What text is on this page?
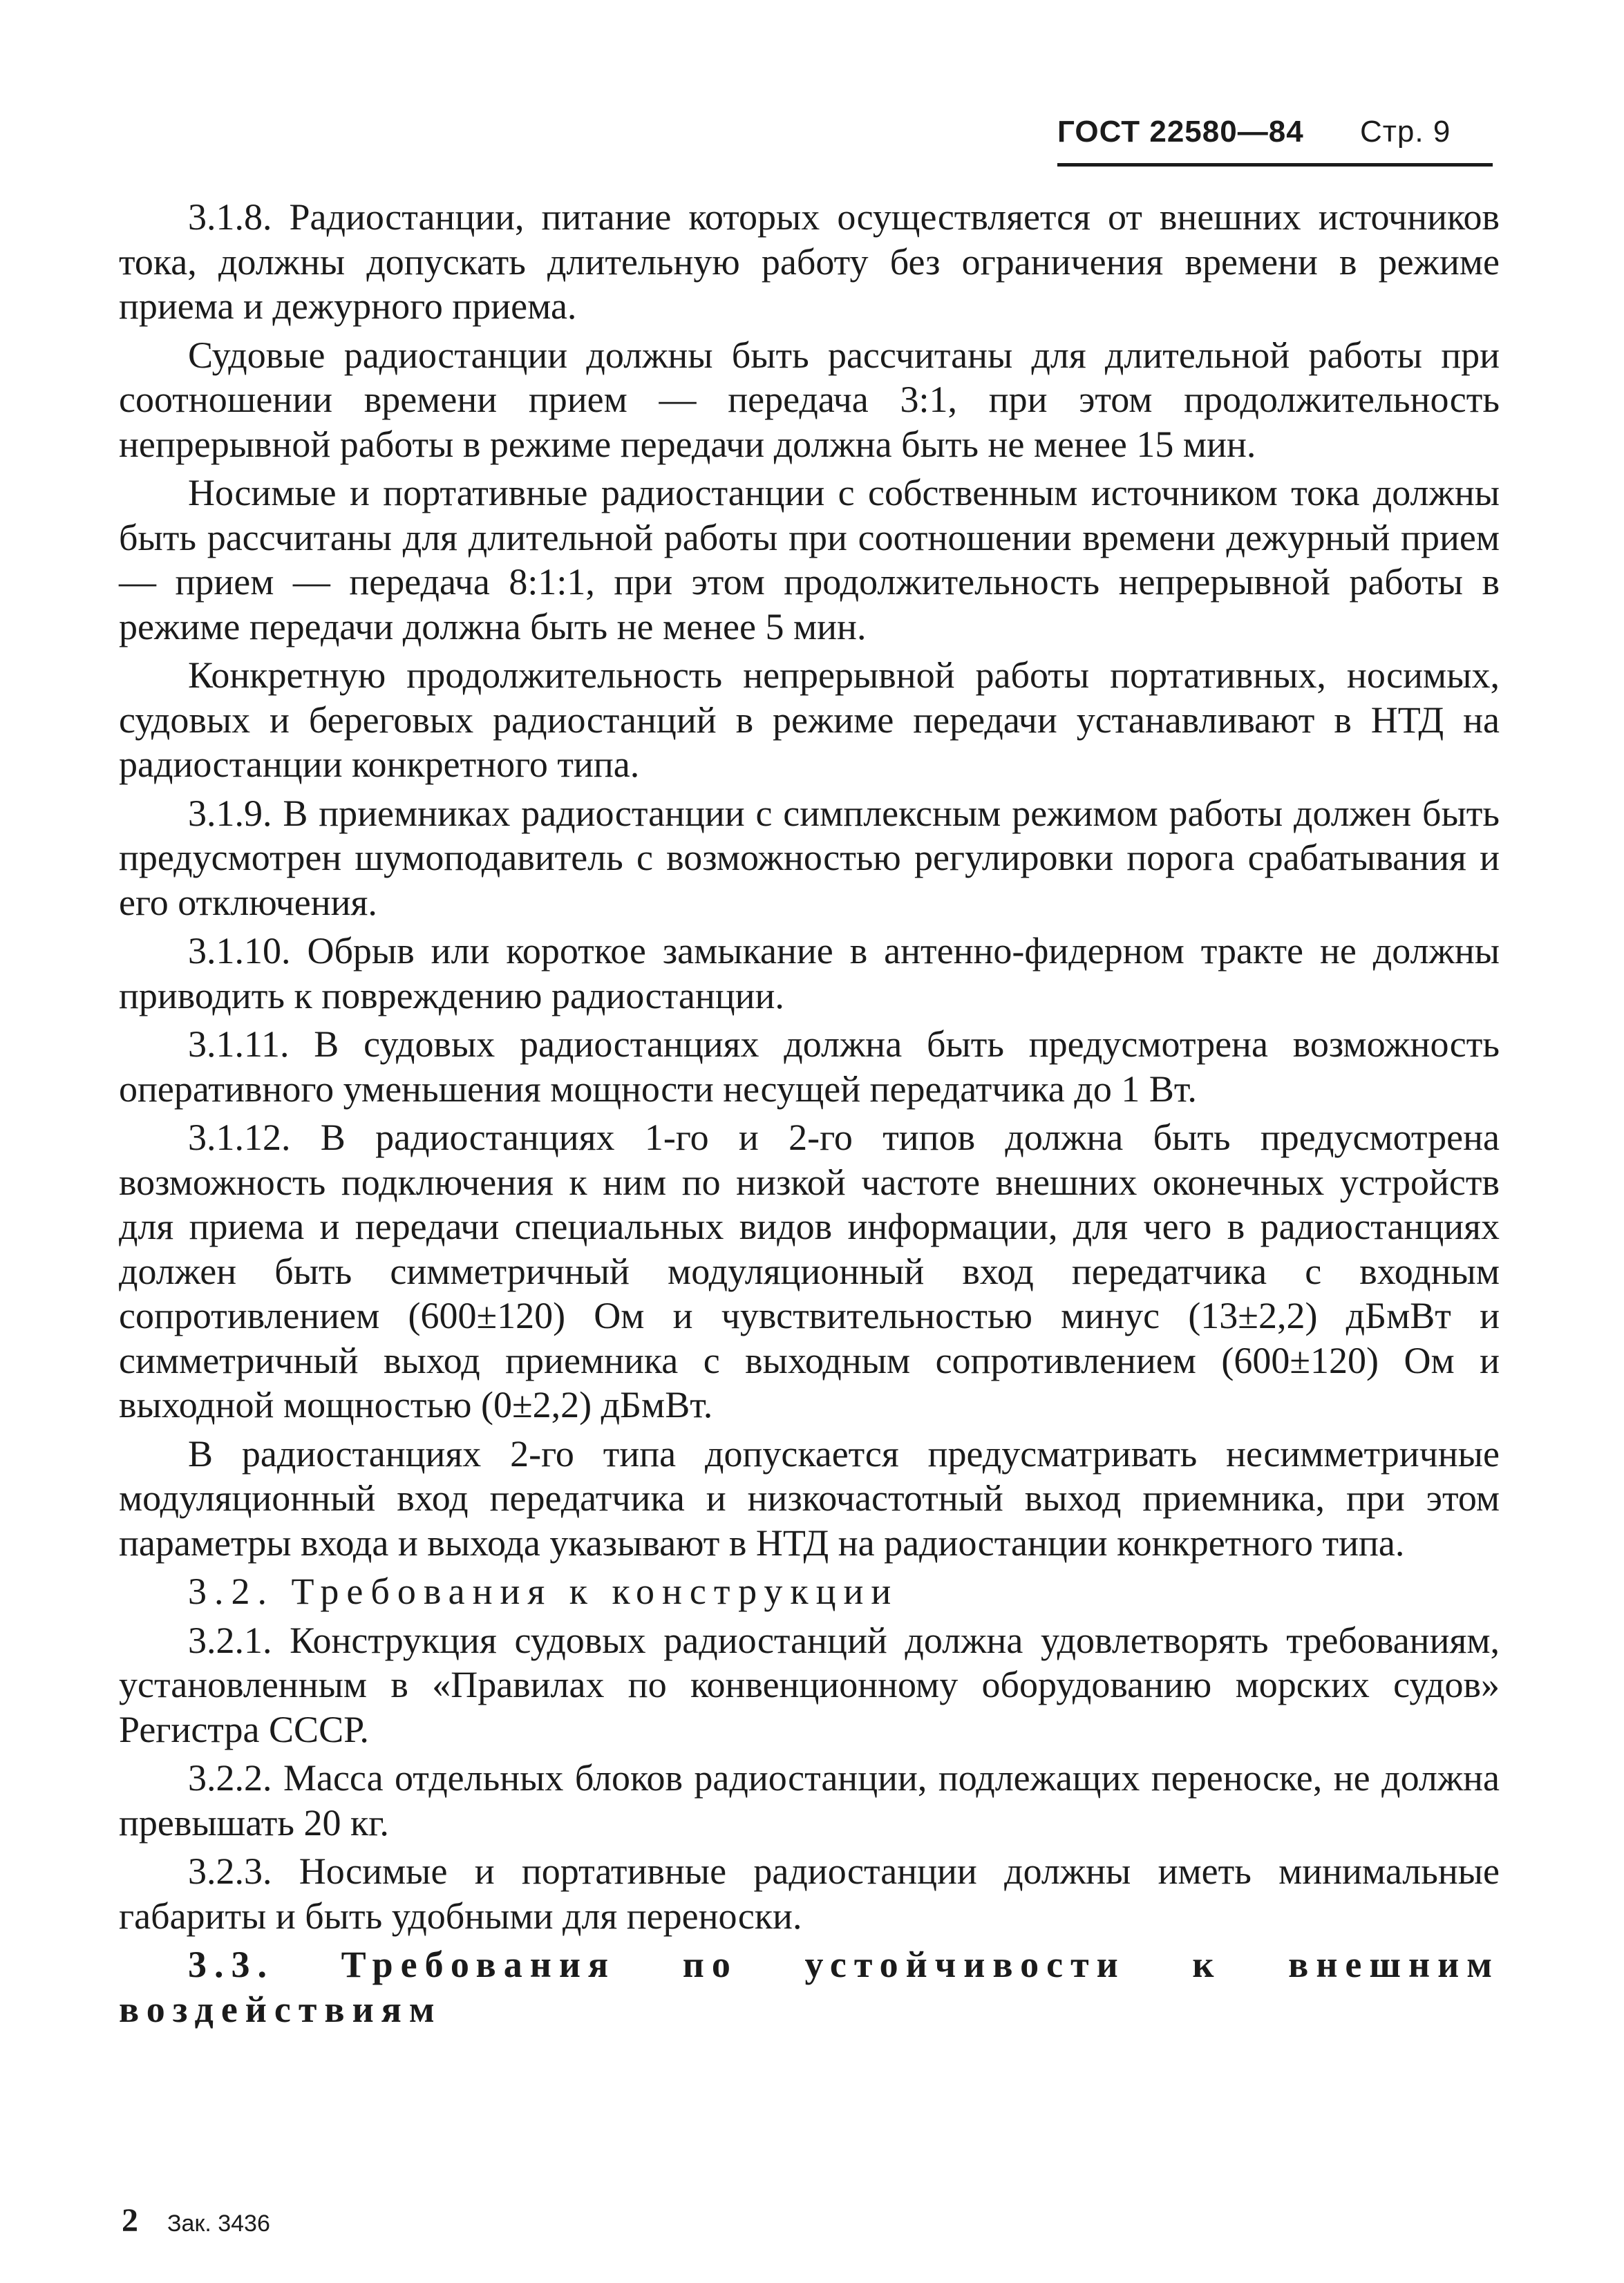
ГОСТ 22580—84 Стр. 9

3.1.8. Радиостанции, питание которых осуществляется от внешних источников тока, должны допускать длительную работу без ограничения времени в режиме приема и дежурного приема.

Судовые радиостанции должны быть рассчитаны для длительной работы при соотношении времени прием — передача 3:1, при этом продолжительность непрерывной работы в режиме передачи должна быть не менее 15 мин.

Носимые и портативные радиостанции с собственным источником тока должны быть рассчитаны для длительной работы при соотношении времени дежурный прием — прием — передача 8:1:1, при этом продолжительность непрерывной работы в режиме передачи должна быть не менее 5 мин.

Конкретную продолжительность непрерывной работы портативных, носимых, судовых и береговых радиостанций в режиме передачи устанавливают в НТД на радиостанции конкретного типа.

3.1.9. В приемниках радиостанции с симплексным режимом работы должен быть предусмотрен шумоподавитель с возможностью регулировки порога срабатывания и его отключения.

3.1.10. Обрыв или короткое замыкание в антенно-фидерном тракте не должны приводить к повреждению радиостанции.

3.1.11. В судовых радиостанциях должна быть предусмотрена возможность оперативного уменьшения мощности несущей передатчика до 1 Вт.

3.1.12. В радиостанциях 1-го и 2-го типов должна быть предусмотрена возможность подключения к ним по низкой частоте внешних оконечных устройств для приема и передачи специальных видов информации, для чего в радиостанциях должен быть симметричный модуляционный вход передатчика с входным сопротивлением (600±120) Ом и чувствительностью минус (13±2,2) дБмВт и симметричный выход приемника с выходным сопротивлением (600±120) Ом и выходной мощностью (0±2,2) дБмВт.

В радиостанциях 2-го типа допускается предусматривать несимметричные модуляционный вход передатчика и низкочастотный выход приемника, при этом параметры входа и выхода указывают в НТД на радиостанции конкретного типа.

3.2. Требования к конструкции

3.2.1. Конструкция судовых радиостанций должна удовлетворять требованиям, установленным в «Правилах по конвенционному оборудованию морских судов» Регистра СССР.

3.2.2. Масса отдельных блоков радиостанции, подлежащих переноске, не должна превышать 20 кг.

3.2.3. Носимые и портативные радиостанции должны иметь минимальные габариты и быть удобными для переноски.

3.3. Требования по устойчивости к внешним воздействиям

2 Зак. 3436
